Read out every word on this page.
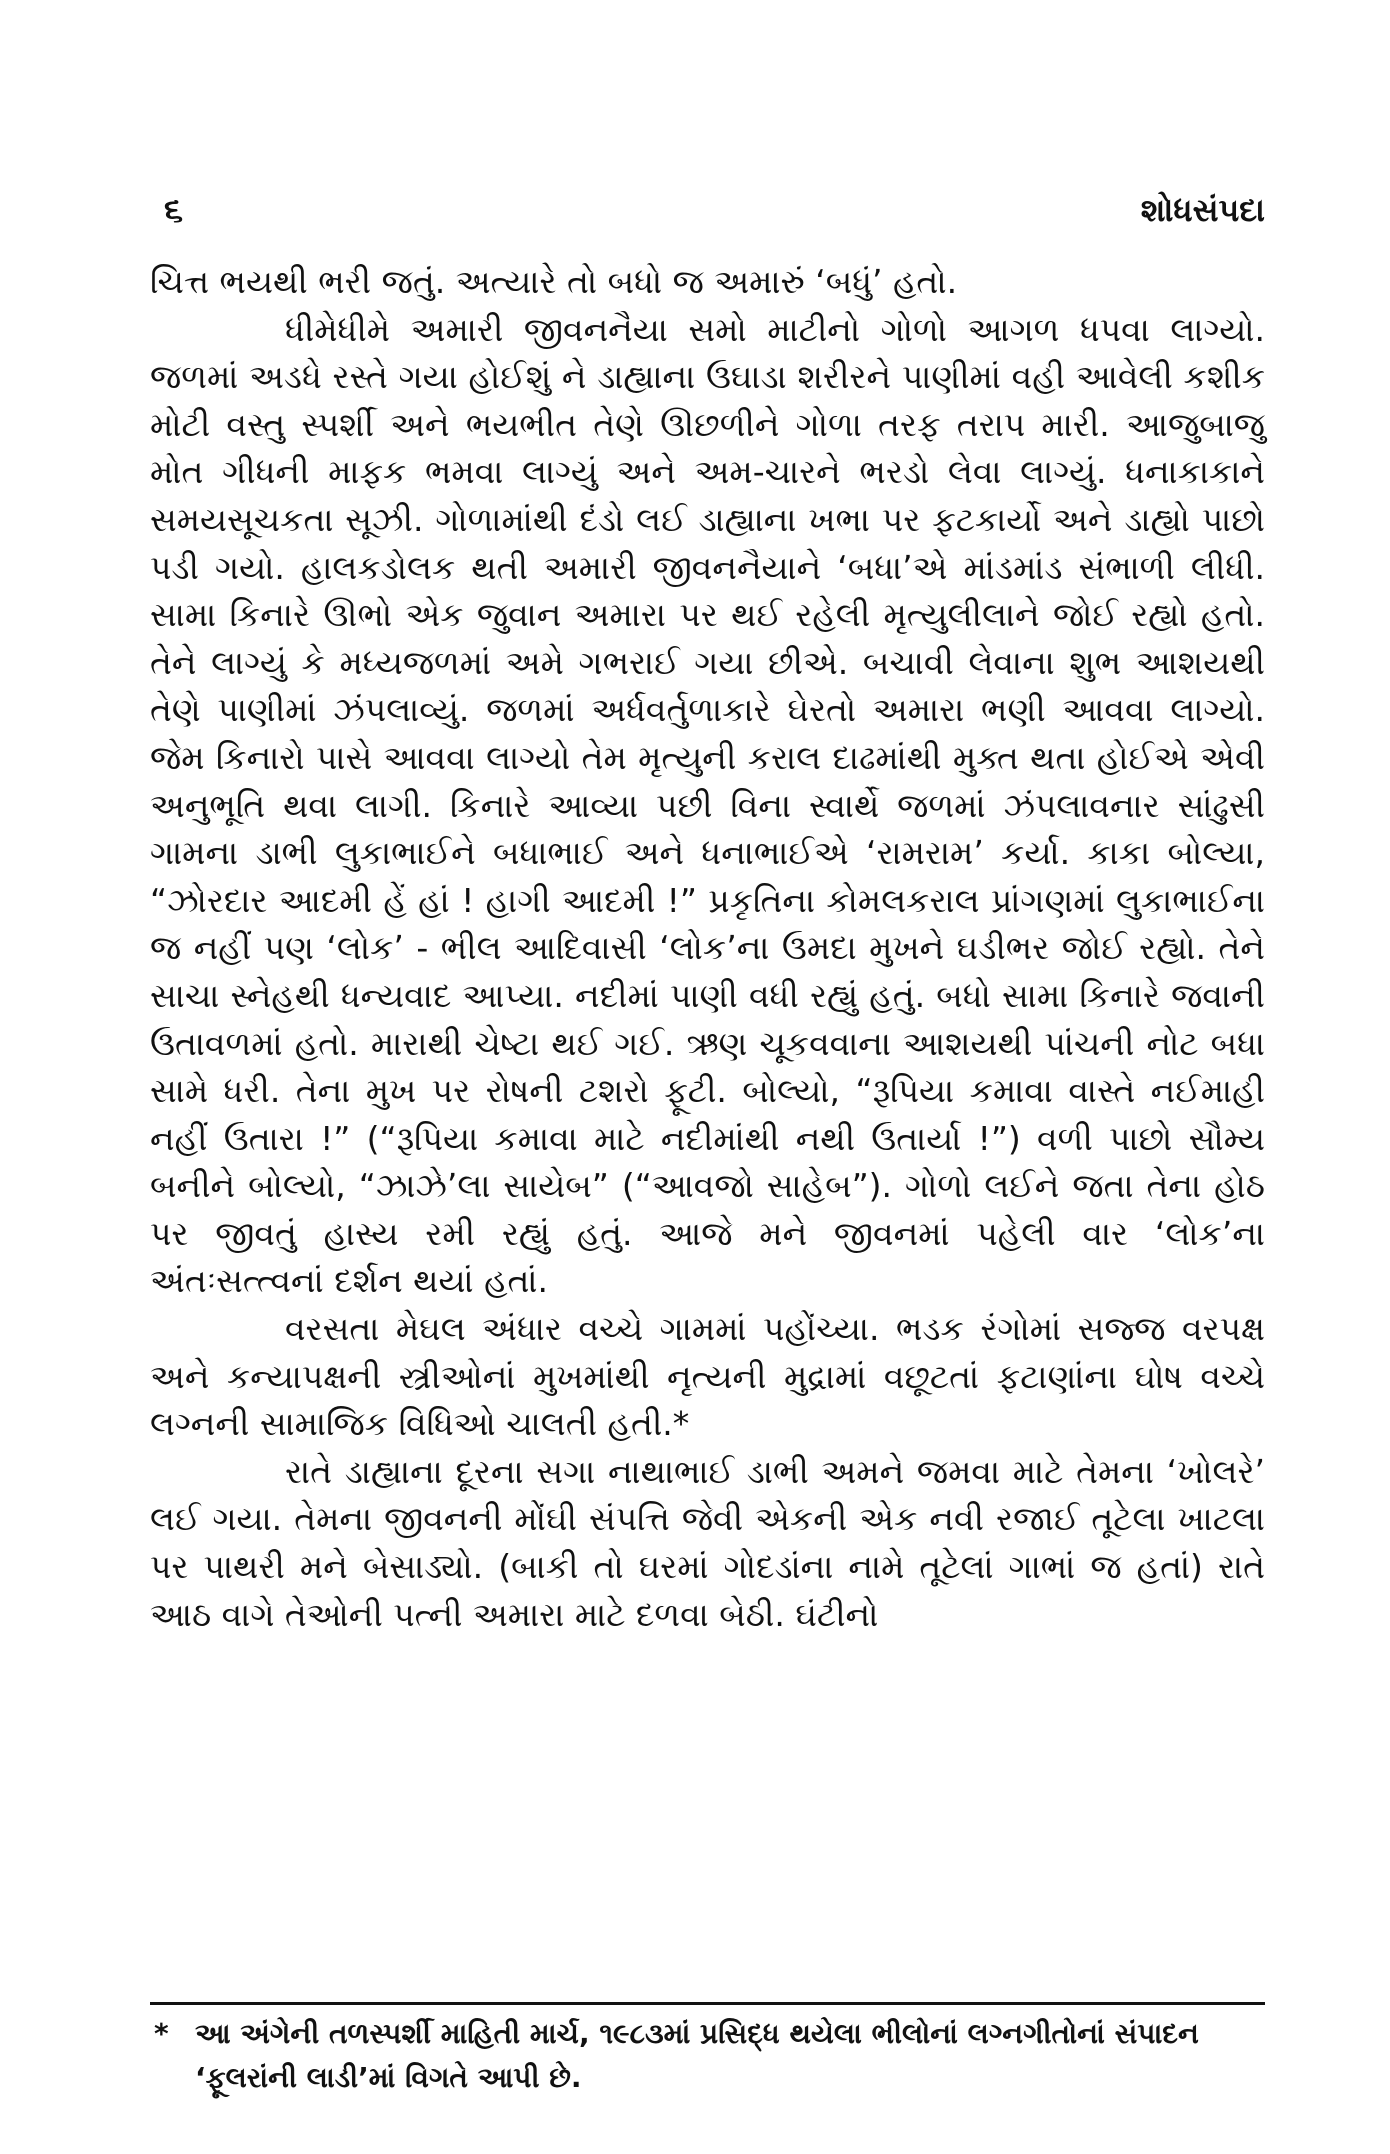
૬	શોધસંપદા

ચિત્ત ભયથી ભરી જતું. અત્યારે તો બધો જ અમારું ‘બધું’ હતો.

ધીમેધીમે અમારી જીવનનૈયા સમો માટીનો ગોળો આગળ ધપવા લાગ્યો. જળમાં અડધે રસ્તે ગયા હોઈશું ને ડાહ્યાના ઉઘાડા શરીરને પાણીમાં વહી આવેલી કશીક મોટી વસ્તુ સ્પર્શી અને ભયભીત તેણે ઊછળીને ગોળા તરફ તરાપ મારી. આજુબાજુ મોત ગીધની માફક ભમવા લાગ્યું અને અમ-ચારને ભરડો લેવા લાગ્યું. ધનાકાકાને સમયસૂચકતા સૂઝી. ગોળામાંથી દંડો લઈ ડાહ્યાના ખભા પર ફટકાર્યો અને ડાહ્યો પાછો પડી ગયો. હાલકડોલક થતી અમારી જીવનનૈયાને ‘બધા’એ માંડમાંડ સંભાળી લીધી. સામા કિનારે ઊભો એક જુવાન અમારા પર થઈ રહેલી મૃત્યુલીલાને જોઈ રહ્યો હતો. તેને લાગ્યું કે મધ્યજળમાં અમે ગભરાઈ ગયા છીએ. બચાવી લેવાના શુભ આશયથી તેણે પાણીમાં ઝંપલાવ્યું. જળમાં અર્ધવર્તુળાકારે ઘેરતો અમારા ભણી આવવા લાગ્યો. જેમ કિનારો પાસે આવવા લાગ્યો તેમ મૃત્યુની કરાલ દાઢમાંથી મુક્ત થતા હોઈએ એવી અનુભૂતિ થવા લાગી. કિનારે આવ્યા પછી વિના સ્વાર્થે જળમાં ઝંપલાવનાર સાંઢુસી ગામના ડાભી લુકાભાઈને બધાભાઈ અને ધનાભાઈએ ‘રામરામ’ કર્યા. કાકા બોલ્યા, “ઝોરદાર આદમી હેં હાં ! હાગી આદમી !” પ્રકૃતિના કોમલકરાલ પ્રાંગણમાં લુકાભાઈના જ નહીં પણ ‘લોક’ - ભીલ આદિવાસી ‘લોક’ના ઉમદા મુખને ઘડીભર જોઈ રહ્યો. તેને સાચા સ્નેહથી ધન્યવાદ આપ્યા. નદીમાં પાણી વધી રહ્યું હતું. બધો સામા કિનારે જવાની ઉતાવળમાં હતો. મારાથી ચેષ્ટા થઈ ગઈ. ઋણ ચૂકવવાના આશયથી પાંચની નોટ બધા સામે ધરી. તેના મુખ પર રોષની ટશરો ફૂટી. બોલ્યો, “રૂપિયા કમાવા વાસ્તે નઈમાહી નહીં ઉતારા !” (“રૂપિયા કમાવા માટે નદીમાંથી નથી ઉતાર્યા !”) વળી પાછો સૌમ્ય બનીને બોલ્યો, “ઝાઝે’લા સાયેબ” (“આવજો સાહેબ”). ગોળો લઈને જતા તેના હોઠ પર જીવતું હાસ્ય રમી રહ્યું હતું. આજે મને જીવનમાં પહેલી વાર ‘લોક’ના અંતઃસત્ત્વનાં દર્શન થયાં હતાં.

વરસતા મેઘલ અંધાર વચ્ચે ગામમાં પહોંચ્યા. ભડક રંગોમાં સજ્જ વરપક્ષ અને કન્યાપક્ષની સ્ત્રીઓનાં મુખમાંથી નૃત્યની મુદ્રામાં વછૂટતાં ફટાણાંના ઘોષ વચ્ચે લગ્નની સામાજિક વિધિઓ ચાલતી હતી.*

રાતે ડાહ્યાના દૂરના સગા નાથાભાઈ ડાભી અમને જમવા માટે તેમના ‘ખોલરે’ લઈ ગયા. તેમના જીવનની મોંઘી સંપત્તિ જેવી એકની એક નવી રજાઈ તૂટેલા ખાટલા પર પાથરી મને બેસાડ્યો. (બાકી તો ઘરમાં ગોદડાંના નામે તૂટેલાં ગાભાં જ હતાં) રાતે આઠ વાગે તેઓની પત્ની અમારા માટે દળવા બેઠી. ઘંટીનો

* આ અંગેની તળસ્પર્શી માહિતી માર્ચ, ૧૯૮૩માં પ્રસિદ્ધ થયેલા ભીલોનાં લગ્નગીતોનાં સંપાદન ‘ફૂલરાંની લાડી’માં વિગતે આપી છે.
